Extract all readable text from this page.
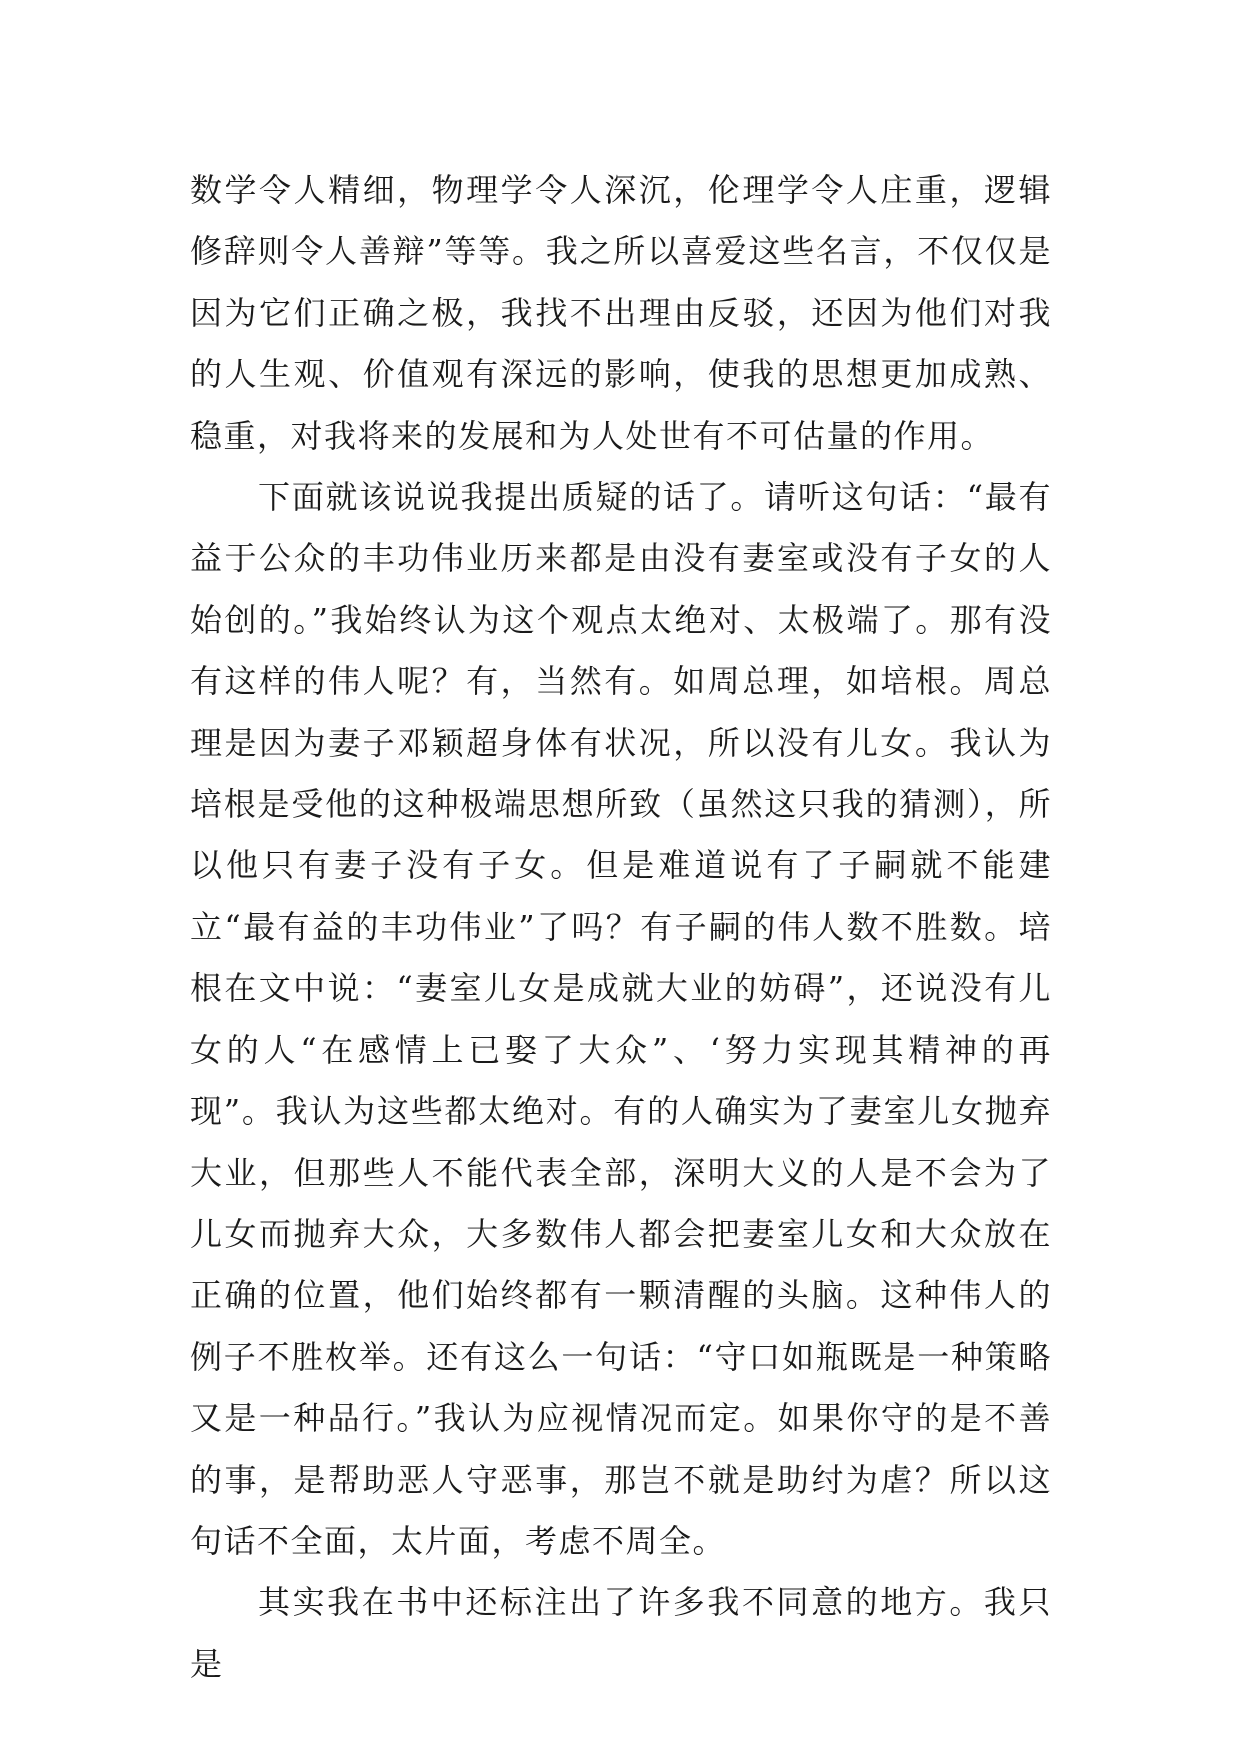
数学令人精细，物理学令人深沉，伦理学令人庄重，逻辑修辞则令人善辩”等等。我之所以喜爱这些名言，不仅仅是因为它们正确之极，我找不出理由反驳，还因为他们对我的人生观、价值观有深远的影响，使我的思想更加成熟、稳重，对我将来的发展和为人处世有不可估量的作用。

下面就该说说我提出质疑的话了。请听这句话：“最有益于公众的丰功伟业历来都是由没有妻室或没有子女的人始创的。”我始终认为这个观点太绝对、太极端了。那有没有这样的伟人呢？有，当然有。如周总理，如培根。周总理是因为妻子邓颖超身体有状况，所以没有儿女。我认为培根是受他的这种极端思想所致（虽然这只我的猜测），所以他只有妻子没有子女。但是难道说有了子嗣就不能建立“最有益的丰功伟业”了吗？有子嗣的伟人数不胜数。培根在文中说：“妻室儿女是成就大业的妨碍”，还说没有儿女的人“在感情上已娶了大众”、‘努力实现其精神的再现”。我认为这些都太绝对。有的人确实为了妻室儿女抛弃大业，但那些人不能代表全部，深明大义的人是不会为了儿女而抛弃大众，大多数伟人都会把妻室儿女和大众放在正确的位置，他们始终都有一颗清醒的头脑。这种伟人的例子不胜枚举。还有这么一句话：“守口如瓶既是一种策略又是一种品行。”我认为应视情况而定。如果你守的是不善的事，是帮助恶人守恶事，那岂不就是助纣为虐？所以这句话不全面，太片面，考虑不周全。

其实我在书中还标注出了许多我不同意的地方。我只是
